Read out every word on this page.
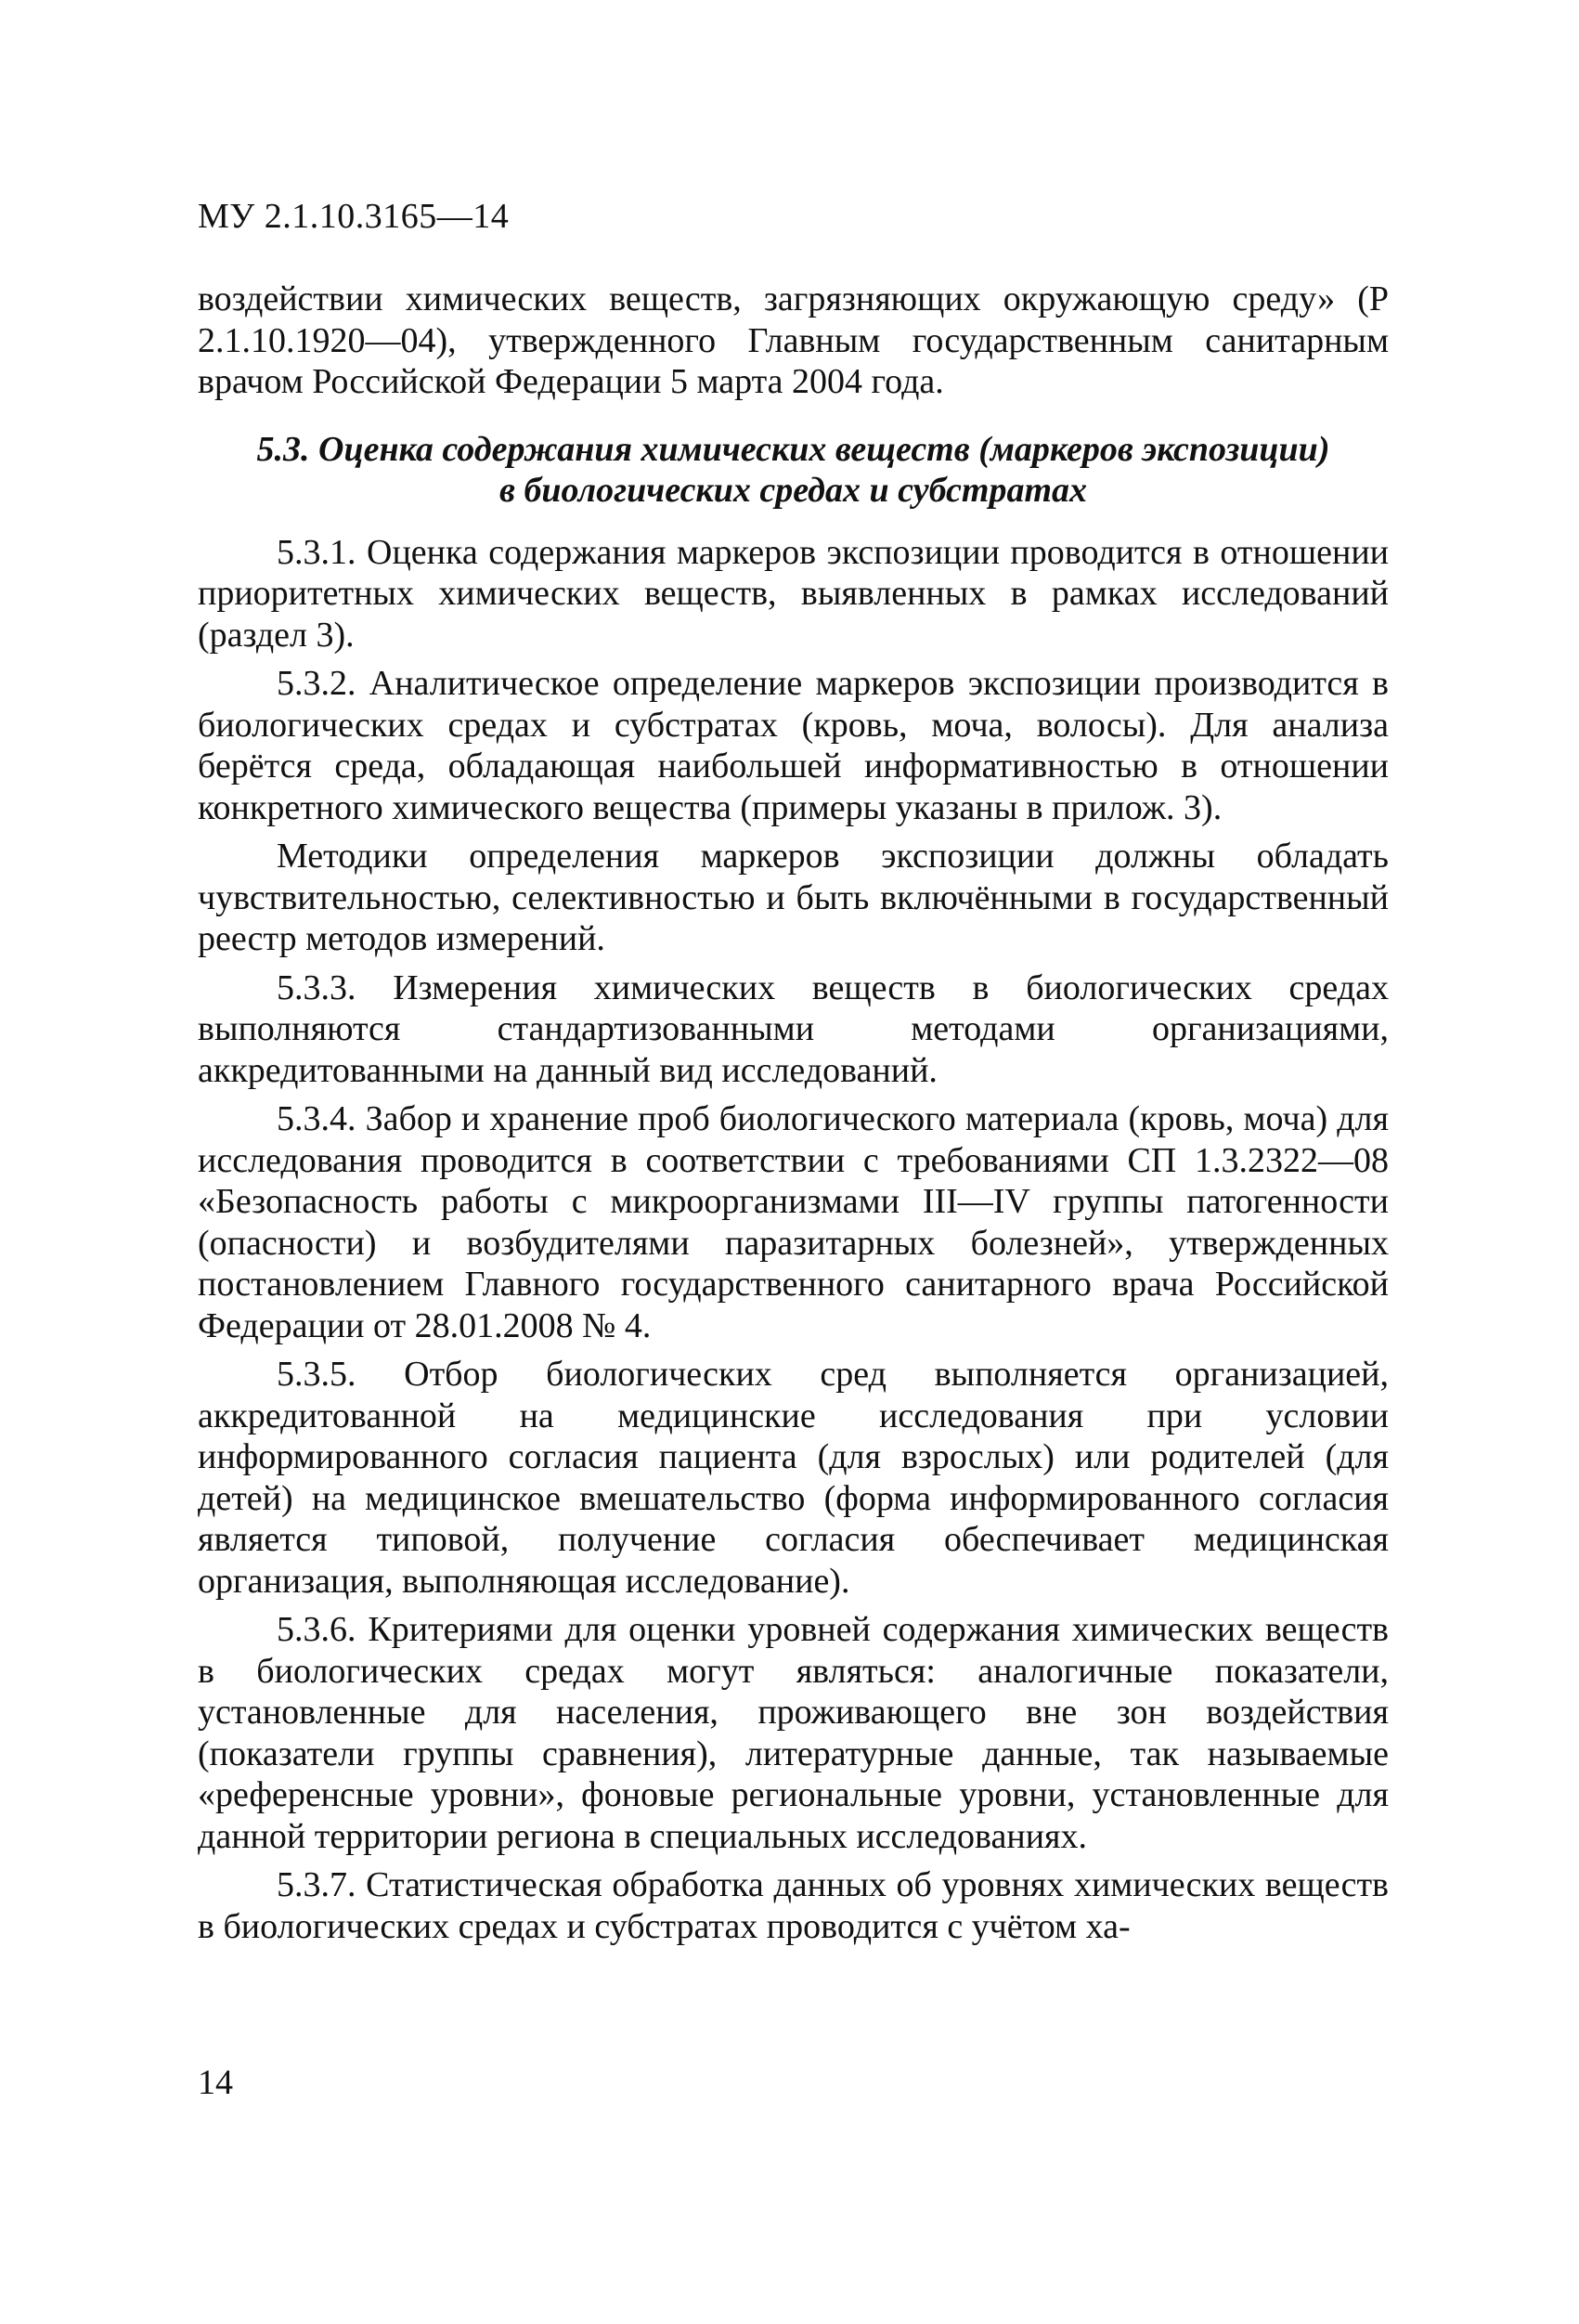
МУ 2.1.10.3165—14

воздействии химических веществ, загрязняющих окружающую среду» (Р 2.1.10.1920—04), утвержденного Главным государственным санитарным врачом Российской Федерации 5 марта 2004 года.

5.3. Оценка содержания химических веществ (маркеров экспозиции)
в биологических средах и субстратах

5.3.1. Оценка содержания маркеров экспозиции проводится в отношении приоритетных химических веществ, выявленных в рамках исследований (раздел 3).

5.3.2. Аналитическое определение маркеров экспозиции производится в биологических средах и субстратах (кровь, моча, волосы). Для анализа берётся среда, обладающая наибольшей информативностью в отношении конкретного химического вещества (примеры указаны в прилож. 3).

Методики определения маркеров экспозиции должны обладать чувствительностью, селективностью и быть включёнными в государственный реестр методов измерений.

5.3.3. Измерения химических веществ в биологических средах выполняются стандартизованными методами организациями, аккредитованными на данный вид исследований.

5.3.4. Забор и хранение проб биологического материала (кровь, моча) для исследования проводится в соответствии с требованиями СП 1.3.2322—08 «Безопасность работы с микроорганизмами III—IV группы патогенности (опасности) и возбудителями паразитарных болезней», утвержденных постановлением Главного государственного санитарного врача Российской Федерации от 28.01.2008 № 4.

5.3.5. Отбор биологических сред выполняется организацией, аккредитованной на медицинские исследования при условии информированного согласия пациента (для взрослых) или родителей (для детей) на медицинское вмешательство (форма информированного согласия является типовой, получение согласия обеспечивает медицинская организация, выполняющая исследование).

5.3.6. Критериями для оценки уровней содержания химических веществ в биологических средах могут являться: аналогичные показатели, установленные для населения, проживающего вне зон воздействия (показатели группы сравнения), литературные данные, так называемые «референсные уровни», фоновые региональные уровни, установленные для данной территории региона в специальных исследованиях.

5.3.7. Статистическая обработка данных об уровнях химических веществ в биологических средах и субстратах проводится с учётом ха-

14
